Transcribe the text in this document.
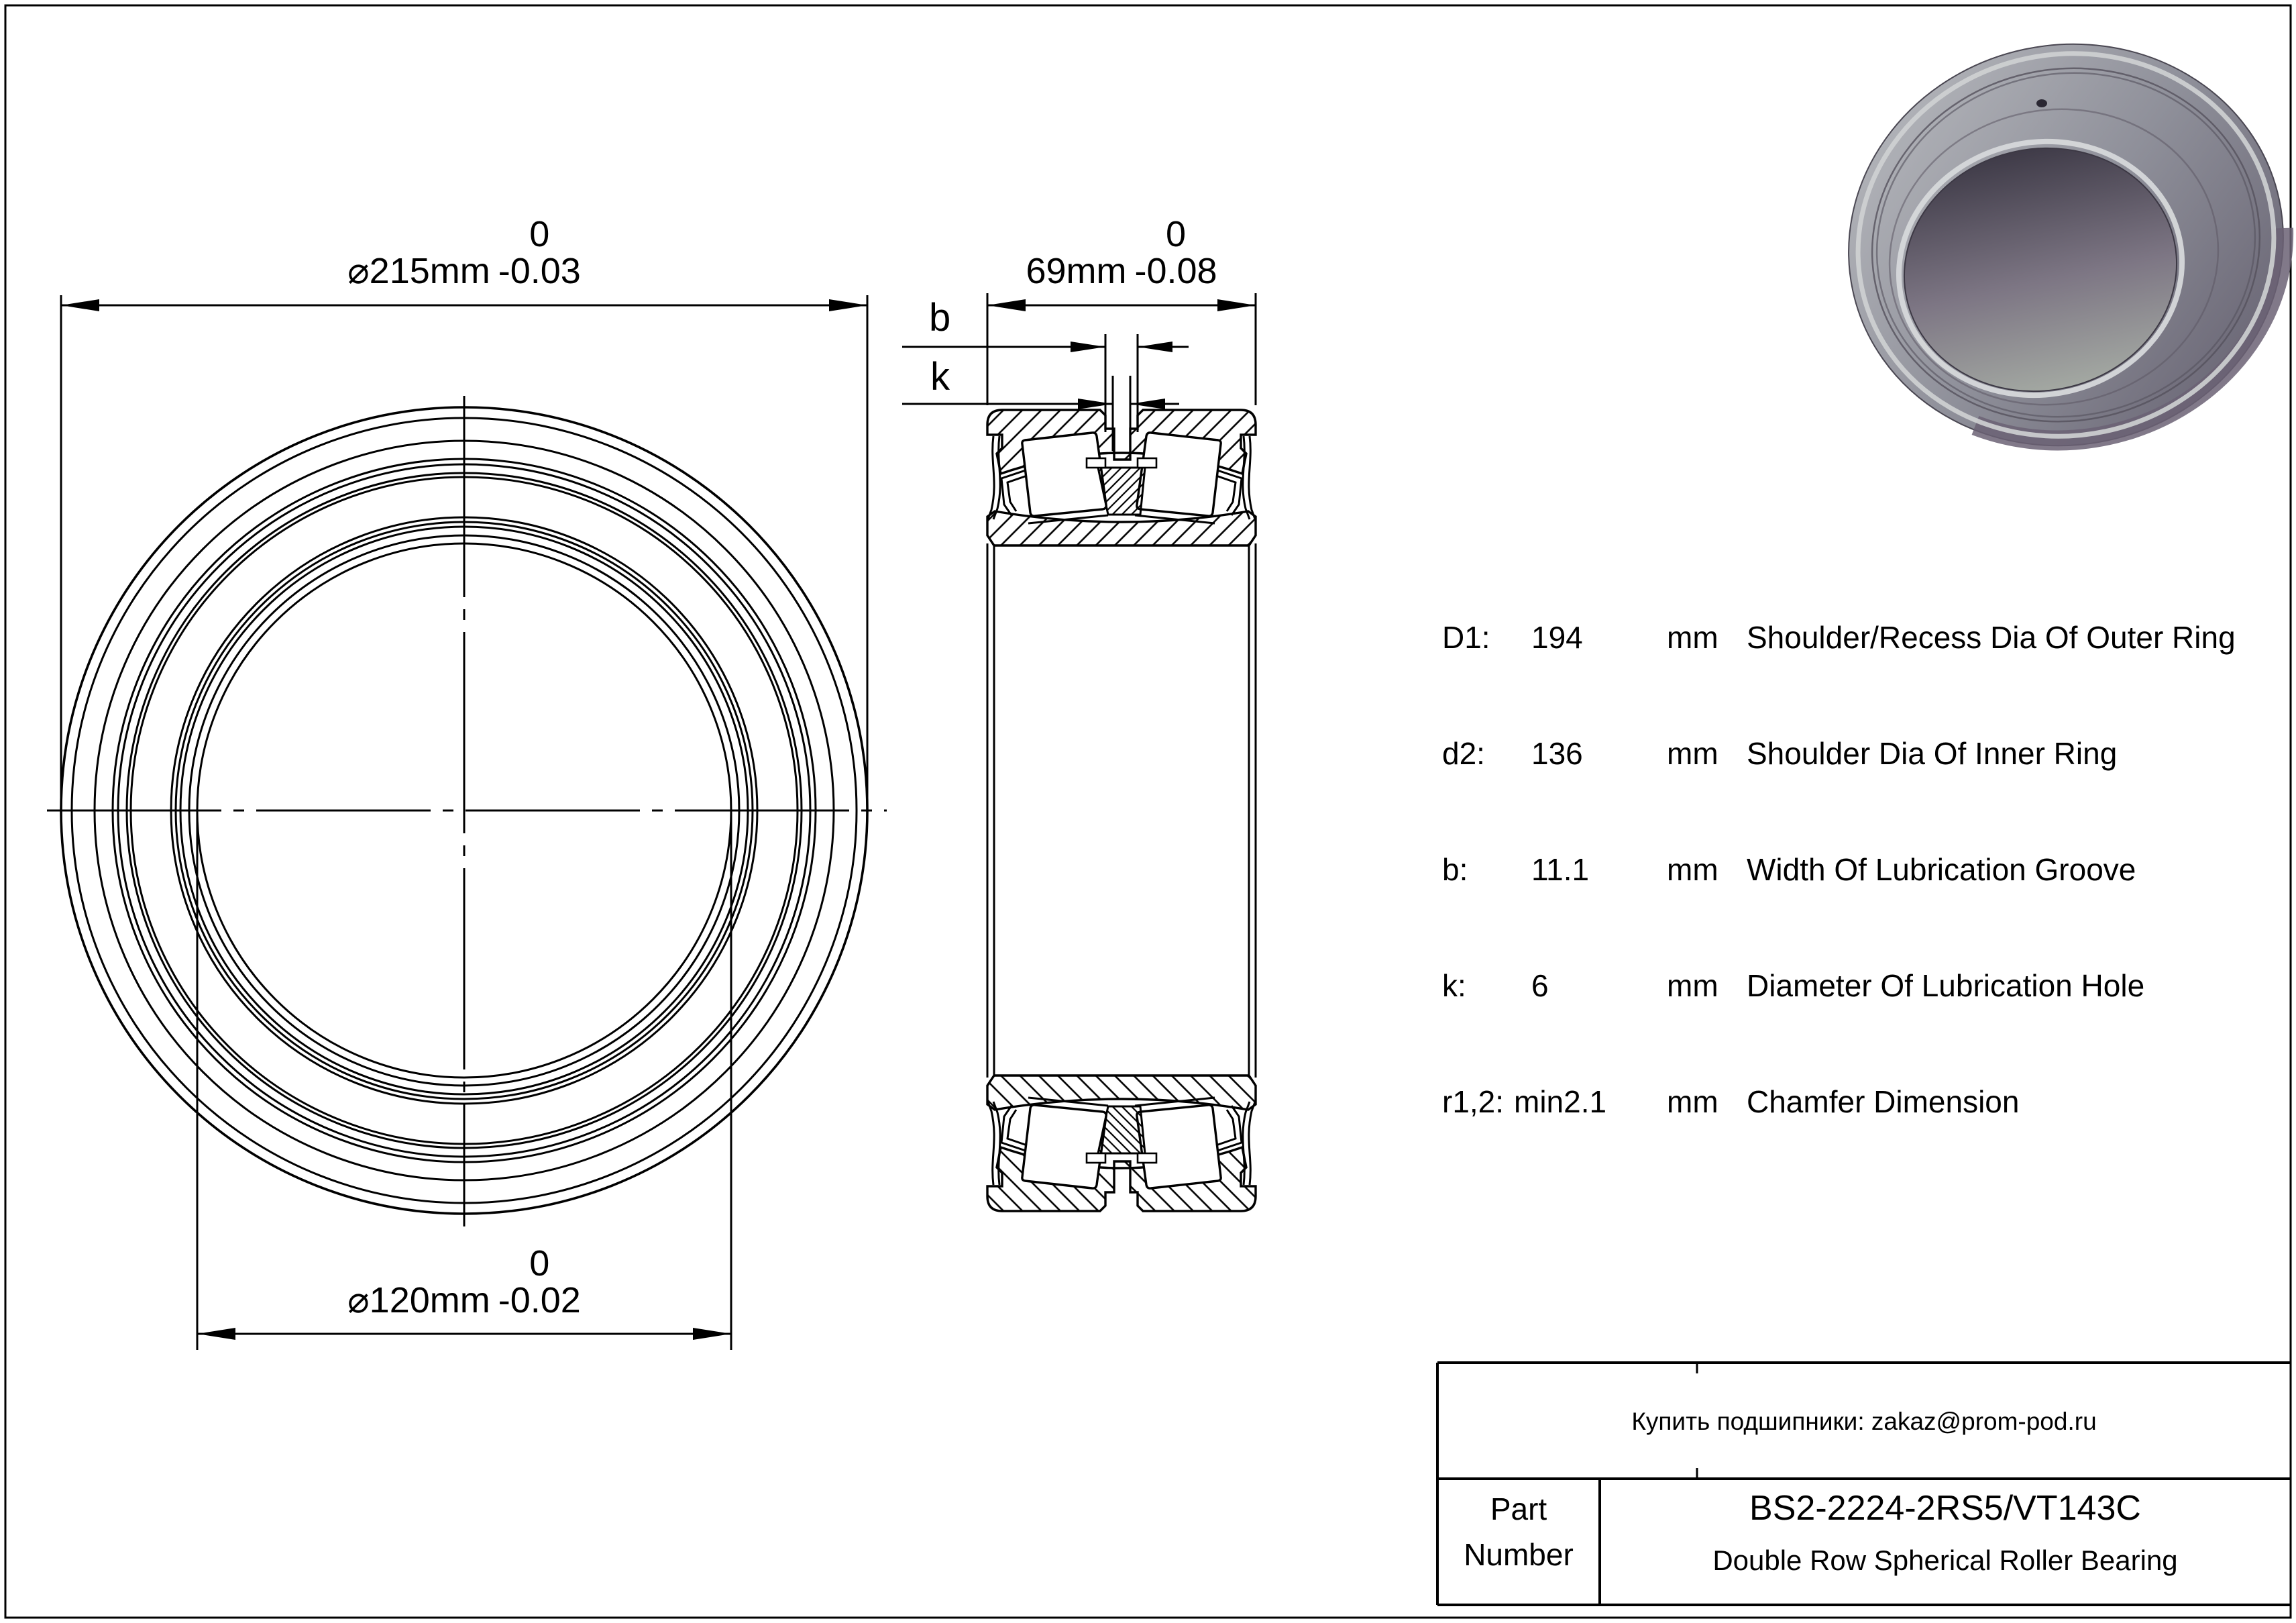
⌀215mm
0
-0.03
⌀120mm
0
-0.02
69mm
0
-0.08
b
k
D1:	194	mm Shoulder/Recess Dia Of Outer Ring
d2:	136	mm Shoulder Dia Of Inner Ring
b:	11.1	mm Width Of Lubrication Groove
k:	6	mm Diameter Of Lubrication Hole
r1,2: min2.1	mm Chamfer Dimension
Купить подшипники: zakaz@prom-pod.ru
Part
Number
BS2-2224-2RS5/VT143C
Double Row Spherical Roller Bearing
